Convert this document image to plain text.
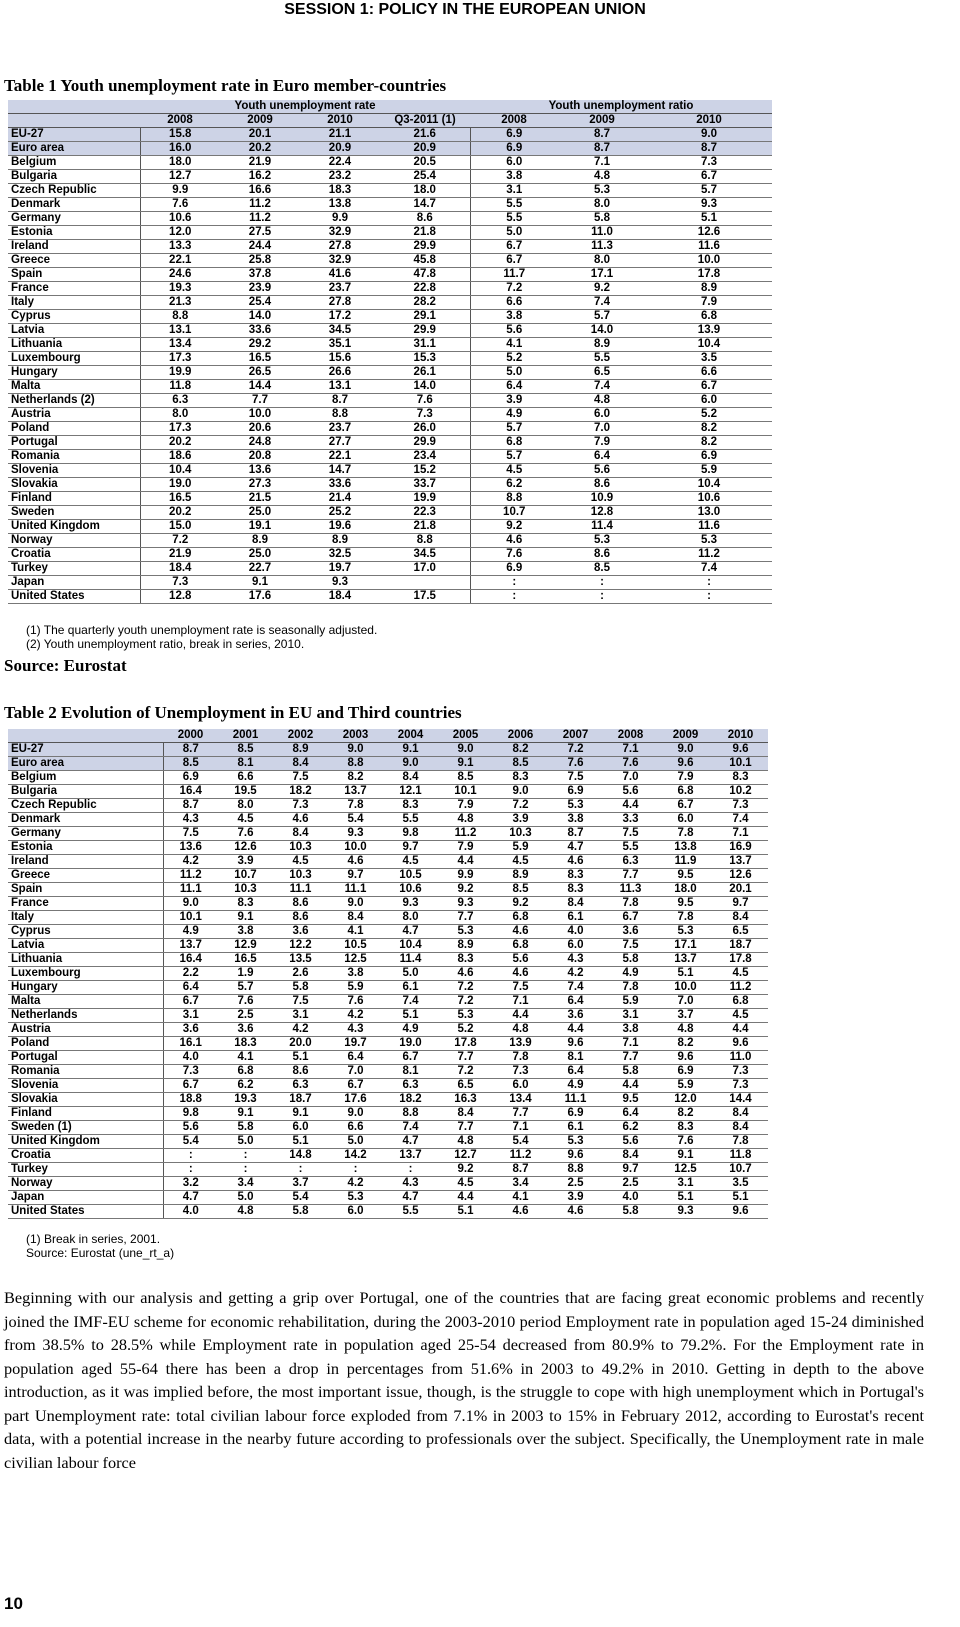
SESSION 1: POLICY IN THE EUROPEAN UNION
Table 1 Youth unemployment rate in Euro member-countries
	Youth unemployment rate				Youth unemployment ratio			
	2008	2009	2010	Q3-2011 (1)	2008	2009	2010	
EU-27	15.8	20.1	21.1	21.6	6.9	8.7	9.0	
Euro area	16.0	20.2	20.9	20.9	6.9	8.7	8.7	
Belgium	18.0	21.9	22.4	20.5	6.0	7.1	7.3	
Bulgaria	12.7	16.2	23.2	25.4	3.8	4.8	6.7	
Czech Republic	9.9	16.6	18.3	18.0	3.1	5.3	5.7	
Denmark	7.6	11.2	13.8	14.7	5.5	8.0	9.3	
Germany	10.6	11.2	9.9	8.6	5.5	5.8	5.1	
Estonia	12.0	27.5	32.9	21.8	5.0	11.0	12.6	
Ireland	13.3	24.4	27.8	29.9	6.7	11.3	11.6	
Greece	22.1	25.8	32.9	45.8	6.7	8.0	10.0	
Spain	24.6	37.8	41.6	47.8	11.7	17.1	17.8	
France	19.3	23.9	23.7	22.8	7.2	9.2	8.9	
Italy	21.3	25.4	27.8	28.2	6.6	7.4	7.9	
Cyprus	8.8	14.0	17.2	29.1	3.8	5.7	6.8	
Latvia	13.1	33.6	34.5	29.9	5.6	14.0	13.9	
Lithuania	13.4	29.2	35.1	31.1	4.1	8.9	10.4	
Luxembourg	17.3	16.5	15.6	15.3	5.2	5.5	3.5	
Hungary	19.9	26.5	26.6	26.1	5.0	6.5	6.6	
Malta	11.8	14.4	13.1	14.0	6.4	7.4	6.7	
Netherlands (2)	6.3	7.7	8.7	7.6	3.9	4.8	6.0	
Austria	8.0	10.0	8.8	7.3	4.9	6.0	5.2	
Poland	17.3	20.6	23.7	26.0	5.7	7.0	8.2	
Portugal	20.2	24.8	27.7	29.9	6.8	7.9	8.2	
Romania	18.6	20.8	22.1	23.4	5.7	6.4	6.9	
Slovenia	10.4	13.6	14.7	15.2	4.5	5.6	5.9	
Slovakia	19.0	27.3	33.6	33.7	6.2	8.6	10.4	
Finland	16.5	21.5	21.4	19.9	8.8	10.9	10.6	
Sweden	20.2	25.0	25.2	22.3	10.7	12.8	13.0	
United Kingdom	15.0	19.1	19.6	21.8	9.2	11.4	11.6	
Norway	7.2	8.9	8.9	8.8	4.6	5.3	5.3	
Croatia	21.9	25.0	32.5	34.5	7.6	8.6	11.2	
Turkey	18.4	22.7	19.7	17.0	6.9	8.5	7.4	
Japan	7.3	9.1	9.3		:	:	:	
United States	12.8	17.6	18.4	17.5	:	:	:	
(1) The quarterly youth unemployment rate is seasonally adjusted.
(2) Youth unemployment ratio, break in series, 2010.
Source: Eurostat
Table 2 Evolution of Unemployment in EU and Third countries
	2000	2001	2002	2003	2004	2005	2006	2007	2008	2009	2010
EU-27	8.7	8.5	8.9	9.0	9.1	9.0	8.2	7.2	7.1	9.0	9.6
Euro area	8.5	8.1	8.4	8.8	9.0	9.1	8.5	7.6	7.6	9.6	10.1
Belgium	6.9	6.6	7.5	8.2	8.4	8.5	8.3	7.5	7.0	7.9	8.3
Bulgaria	16.4	19.5	18.2	13.7	12.1	10.1	9.0	6.9	5.6	6.8	10.2
Czech Republic	8.7	8.0	7.3	7.8	8.3	7.9	7.2	5.3	4.4	6.7	7.3
Denmark	4.3	4.5	4.6	5.4	5.5	4.8	3.9	3.8	3.3	6.0	7.4
Germany	7.5	7.6	8.4	9.3	9.8	11.2	10.3	8.7	7.5	7.8	7.1
Estonia	13.6	12.6	10.3	10.0	9.7	7.9	5.9	4.7	5.5	13.8	16.9
Ireland	4.2	3.9	4.5	4.6	4.5	4.4	4.5	4.6	6.3	11.9	13.7
Greece	11.2	10.7	10.3	9.7	10.5	9.9	8.9	8.3	7.7	9.5	12.6
Spain	11.1	10.3	11.1	11.1	10.6	9.2	8.5	8.3	11.3	18.0	20.1
France	9.0	8.3	8.6	9.0	9.3	9.3	9.2	8.4	7.8	9.5	9.7
Italy	10.1	9.1	8.6	8.4	8.0	7.7	6.8	6.1	6.7	7.8	8.4
Cyprus	4.9	3.8	3.6	4.1	4.7	5.3	4.6	4.0	3.6	5.3	6.5
Latvia	13.7	12.9	12.2	10.5	10.4	8.9	6.8	6.0	7.5	17.1	18.7
Lithuania	16.4	16.5	13.5	12.5	11.4	8.3	5.6	4.3	5.8	13.7	17.8
Luxembourg	2.2	1.9	2.6	3.8	5.0	4.6	4.6	4.2	4.9	5.1	4.5
Hungary	6.4	5.7	5.8	5.9	6.1	7.2	7.5	7.4	7.8	10.0	11.2
Malta	6.7	7.6	7.5	7.6	7.4	7.2	7.1	6.4	5.9	7.0	6.8
Netherlands	3.1	2.5	3.1	4.2	5.1	5.3	4.4	3.6	3.1	3.7	4.5
Austria	3.6	3.6	4.2	4.3	4.9	5.2	4.8	4.4	3.8	4.8	4.4
Poland	16.1	18.3	20.0	19.7	19.0	17.8	13.9	9.6	7.1	8.2	9.6
Portugal	4.0	4.1	5.1	6.4	6.7	7.7	7.8	8.1	7.7	9.6	11.0
Romania	7.3	6.8	8.6	7.0	8.1	7.2	7.3	6.4	5.8	6.9	7.3
Slovenia	6.7	6.2	6.3	6.7	6.3	6.5	6.0	4.9	4.4	5.9	7.3
Slovakia	18.8	19.3	18.7	17.6	18.2	16.3	13.4	11.1	9.5	12.0	14.4
Finland	9.8	9.1	9.1	9.0	8.8	8.4	7.7	6.9	6.4	8.2	8.4
Sweden (1)	5.6	5.8	6.0	6.6	7.4	7.7	7.1	6.1	6.2	8.3	8.4
United Kingdom	5.4	5.0	5.1	5.0	4.7	4.8	5.4	5.3	5.6	7.6	7.8
Croatia	:	:	14.8	14.2	13.7	12.7	11.2	9.6	8.4	9.1	11.8
Turkey	:	:	:	:	:	9.2	8.7	8.8	9.7	12.5	10.7
Norway	3.2	3.4	3.7	4.2	4.3	4.5	3.4	2.5	2.5	3.1	3.5
Japan	4.7	5.0	5.4	5.3	4.7	4.4	4.1	3.9	4.0	5.1	5.1
United States	4.0	4.8	5.8	6.0	5.5	5.1	4.6	4.6	5.8	9.3	9.6
(1) Break in series, 2001.
Source: Eurostat (une_rt_a)

Beginning with our analysis and getting a grip over Portugal, one of the countries that are facing great economic problems and recently joined the IMF-EU scheme for economic rehabilitation, during the 2003-2010 period Employment rate in population aged 15-24 diminished from 38.5% to 28.5% while Employment rate in population aged 25-54 decreased from 80.9% to 79.2%. For the Employment rate in population aged 55-64 there has been a drop in percentages from 51.6% in 2003 to 49.2% in 2010. Getting in depth to the above introduction, as it was implied before, the most important issue, though, is the struggle to cope with high unemployment which in Portugal's part Unemployment rate: total civilian labour force exploded from 7.1% in 2003 to 15% in February 2012, according to Eurostat's recent data, with a potential increase in the nearby future according to professionals over the subject. Specifically, the Unemployment rate in male civilian labour force

10
